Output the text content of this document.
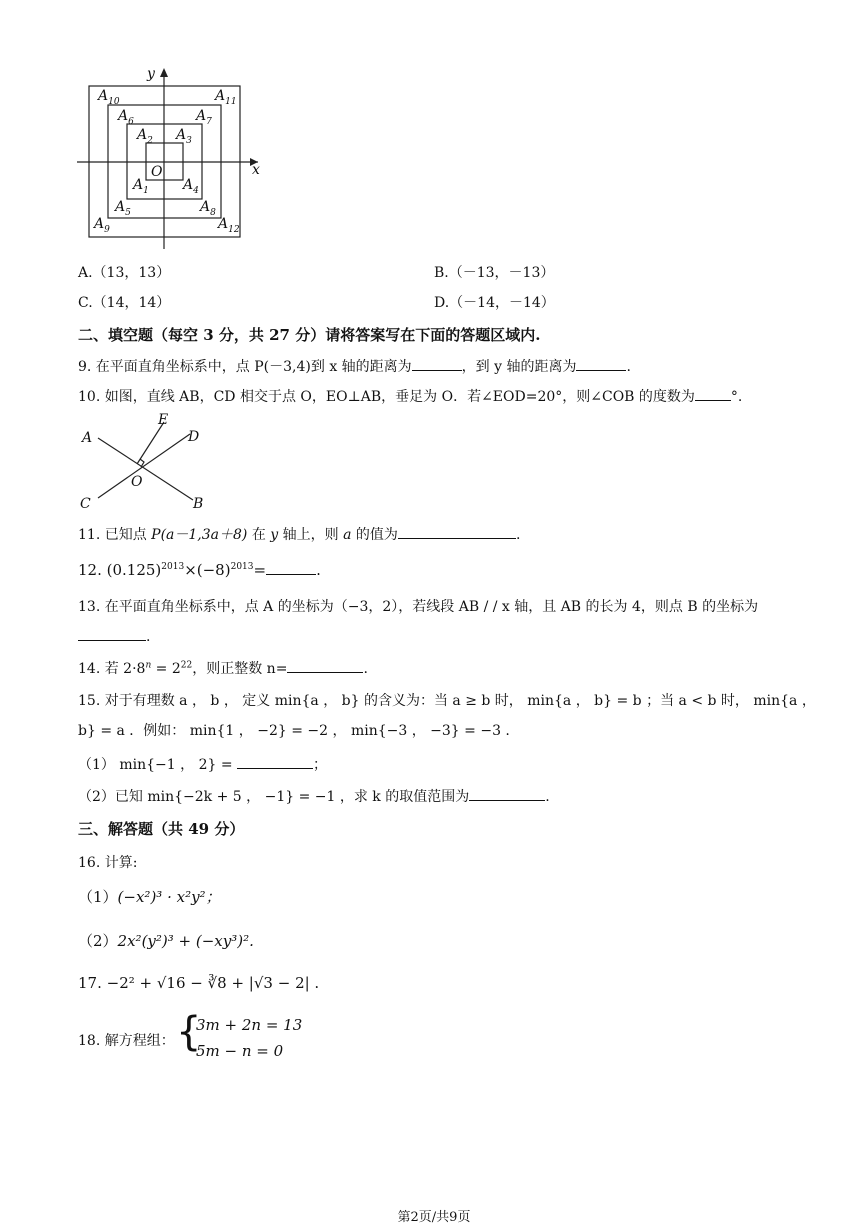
y
x
O
$A_{10}$	$A_{11}$
$A_6$	$A_7$
$A_2$ $A_3$
$A_1$ $A_4$
$A_5$	$A_8$
$A_9$	$A_{12}$
A.（13，13）	B.（－13，－13）
C.（14，14）	D.（－14，－14）
二、填空题（每空 3 分，共 27 分）请将答案写在下面的答题区域内.
9. 在平面直角坐标系中，点 P(－3,4)到 x 轴的距离为	，到 y 轴的距离为	.
10. 如图，直线 AB，CD 相交于点 O，EO⊥AB，垂足为 O．若∠EOD=20°，则∠COB 的度数为	°.
A
B
C
D
E
O
11. 已知点 P(a－1,3a＋8) 在 y 轴上，则 a 的值为	.
12. $(0.125)^{2013}\times(-8)^{2013}=$	.
13. 在平面直角坐标系中，点 A 的坐标为（−3，2），若线段 AB / / x 轴，且 AB 的长为 4，则点 B 的坐标为
.
14. 若 $2\cdot 8^n = 2^{22}$，则正整数 n=	.
15. 对于有理数 a ， b ， 定义 min{a ， b} 的含义为：当 a ≥ b 时， min{a ， b} = b ；当 a < b 时， min{a ，
b} = a ．例如： min{1 ， −2} = −2 ， min{−3 ， −3} = −3 .
（1） min{−1 ， 2} =	；
（2）已知 min{−2k + 5 ， −1} = −1 ，求 k 的取值范围为	.
三、解答题（共 49 分）
16. 计算:
（1）(−x²)³ · x²y²；
（2）2x²(y²)³ + (−xy³)².
17. −2² + √16 − ∛8 + |√3 − 2| .
18. 解方程组： {
3m + 2n = 13
5m − n = 0
第2页/共9页
